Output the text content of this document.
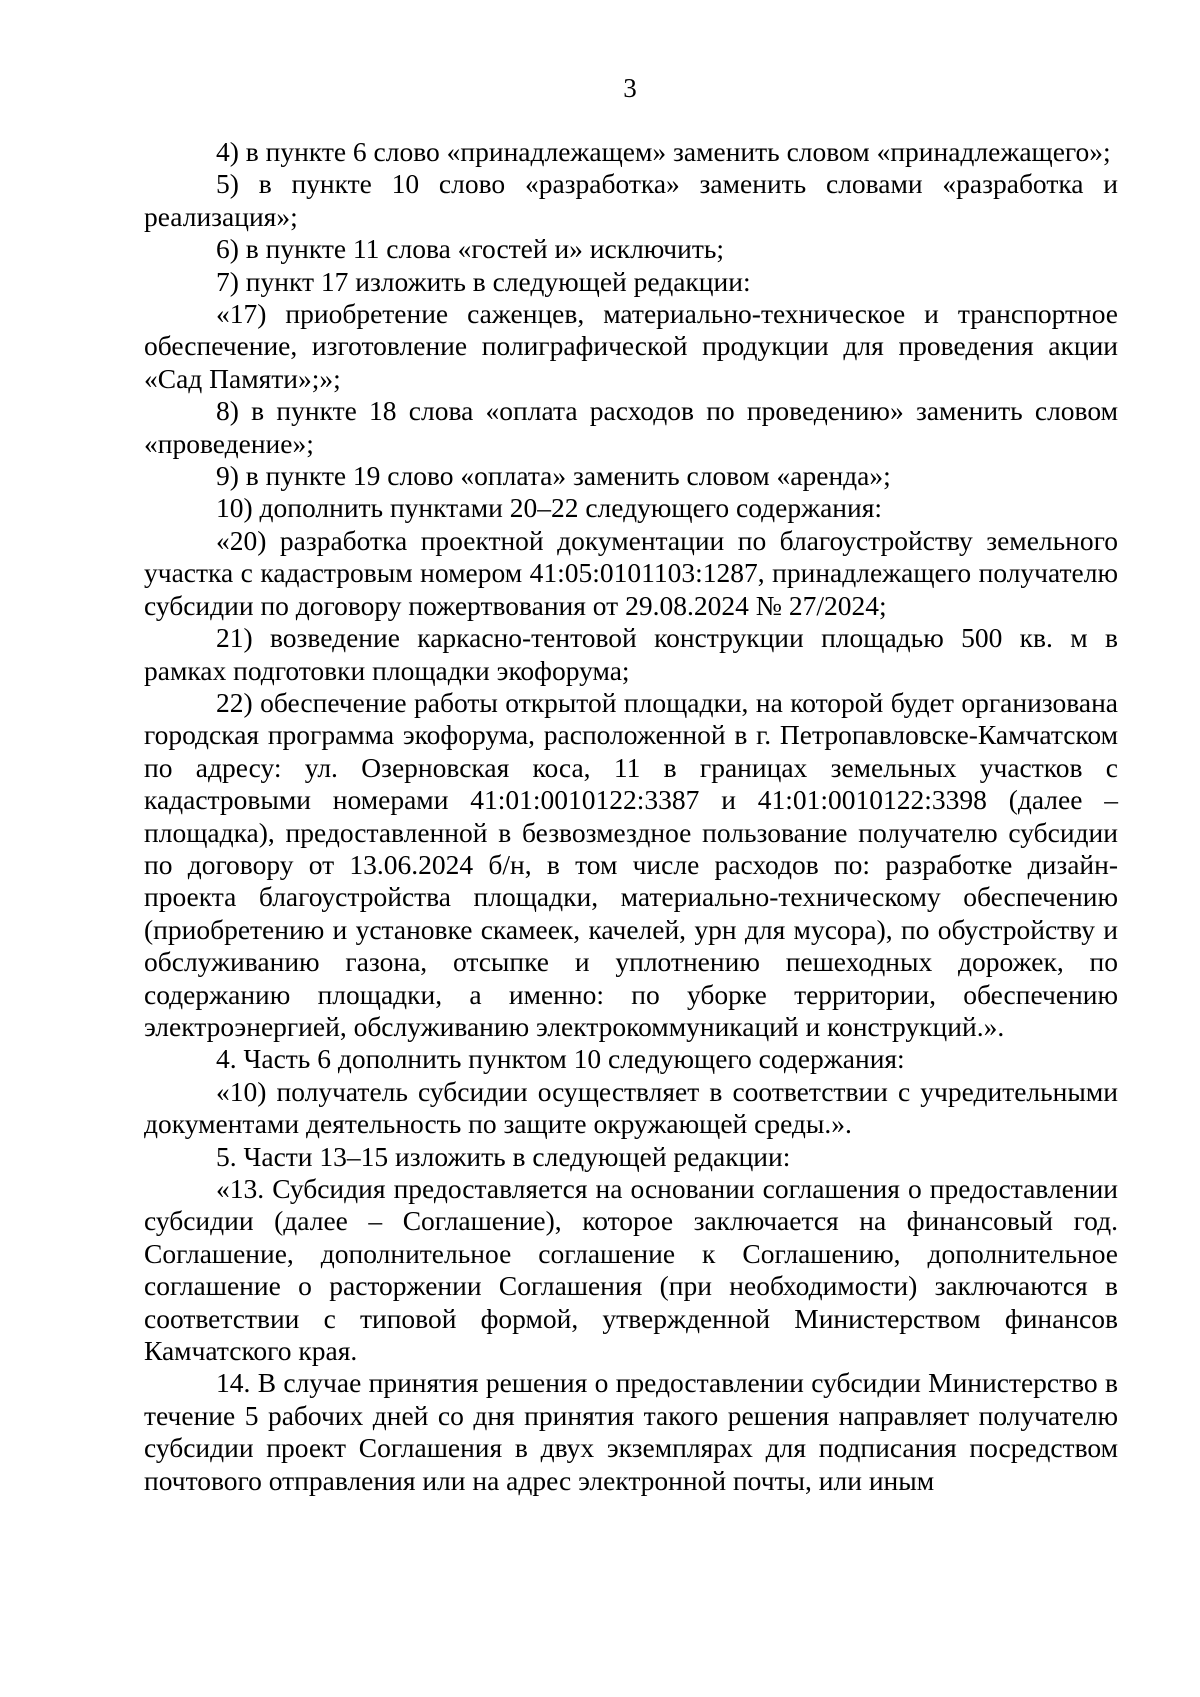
3

4) в пункте 6 слово «принадлежащем» заменить словом «принадлежащего»;

5) в пункте 10 слово «разработка» заменить словами «разработка и реализация»;

6) в пункте 11 слова «гостей и» исключить;

7) пункт 17 изложить в следующей редакции:

«17) приобретение саженцев, материально-техническое и транспортное обеспечение, изготовление полиграфической продукции для проведения акции «Сад Памяти»;»;

8) в пункте 18 слова «оплата расходов по проведению» заменить словом «проведение»;

9) в пункте 19 слово «оплата» заменить словом «аренда»;

10) дополнить пунктами 20–22 следующего содержания:

«20) разработка проектной документации по благоустройству земельного участка с кадастровым номером 41:05:0101103:1287, принадлежащего получателю субсидии по договору пожертвования от 29.08.2024 № 27/2024;

21) возведение каркасно-тентовой конструкции площадью 500 кв. м в рамках подготовки площадки экофорума;

22) обеспечение работы открытой площадки, на которой будет организована городская программа экофорума, расположенной в г. Петропавловске-Камчатском по адресу: ул. Озерновская коса, 11 в границах земельных участков с кадастровыми номерами 41:01:0010122:3387 и 41:01:0010122:3398 (далее – площадка), предоставленной в безвозмездное пользование получателю субсидии по договору от 13.06.2024 б/н, в том числе расходов по: разработке дизайн-проекта благоустройства площадки, материально-техническому обеспечению (приобретению и установке скамеек, качелей, урн для мусора), по обустройству и обслуживанию газона, отсыпке и уплотнению пешеходных дорожек, по содержанию площадки, а именно: по уборке территории, обеспечению электроэнергией, обслуживанию электрокоммуникаций и конструкций.».

4. Часть 6 дополнить пунктом 10 следующего содержания:

«10) получатель субсидии осуществляет в соответствии с учредительными документами деятельность по защите окружающей среды.».

5. Части 13–15 изложить в следующей редакции:

«13. Субсидия предоставляется на основании соглашения о предоставлении субсидии (далее – Соглашение), которое заключается на финансовый год. Соглашение, дополнительное соглашение к Соглашению, дополнительное соглашение о расторжении Соглашения (при необходимости) заключаются в соответствии с типовой формой, утвержденной Министерством финансов Камчатского края.

14. В случае принятия решения о предоставлении субсидии Министерство в течение 5 рабочих дней со дня принятия такого решения направляет получателю субсидии проект Соглашения в двух экземплярах для подписания посредством почтового отправления или на адрес электронной почты, или иным
